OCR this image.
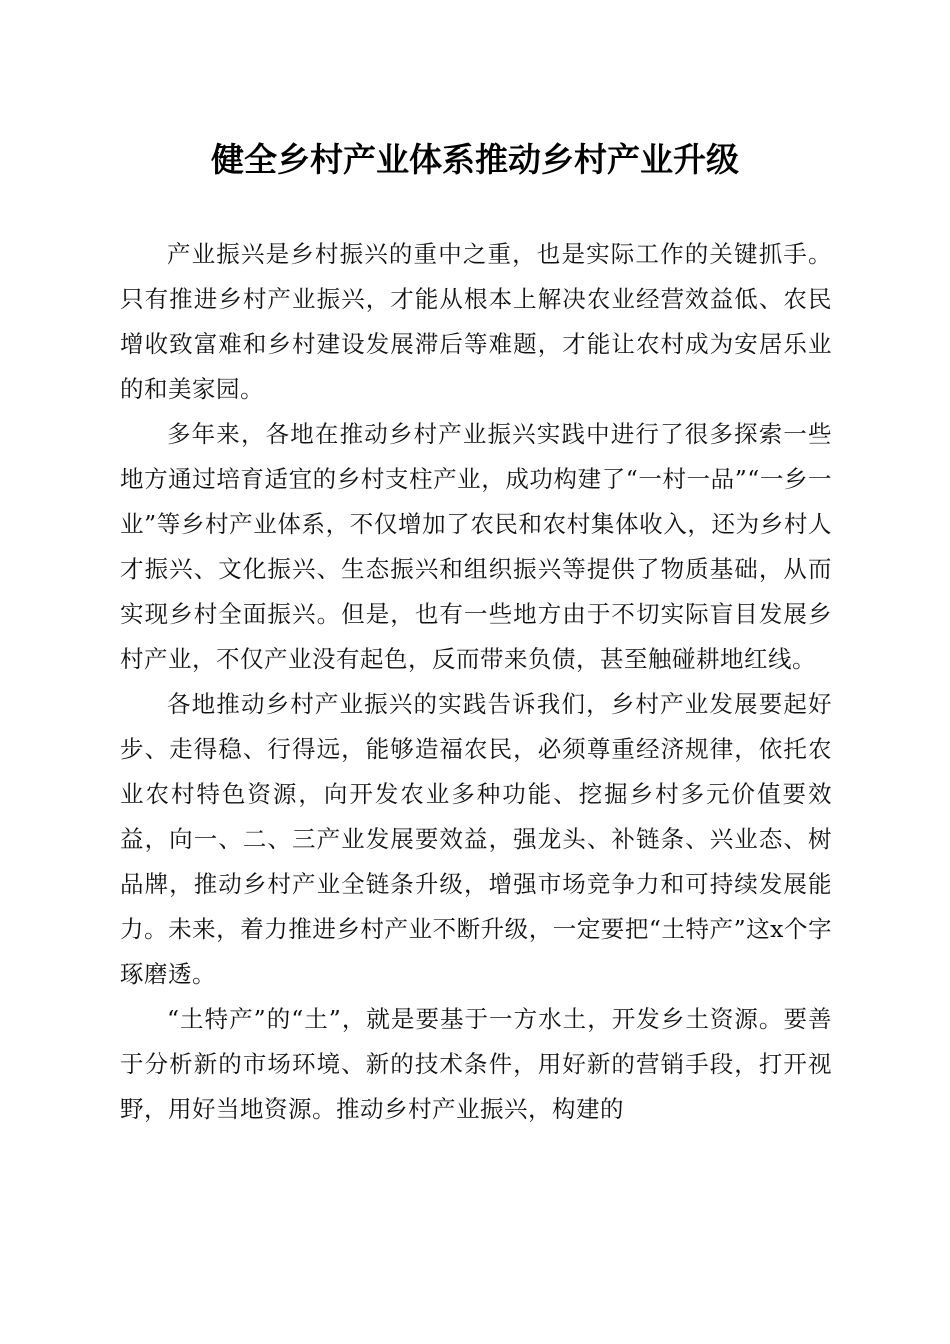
健全乡村产业体系推动乡村产业升级

产业振兴是乡村振兴的重中之重，也是实际工作的关键抓手。只有推进乡村产业振兴，才能从根本上解决农业经营效益低、农民增收致富难和乡村建设发展滞后等难题，才能让农村成为安居乐业的和美家园。

多年来，各地在推动乡村产业振兴实践中进行了很多探索一些地方通过培育适宜的乡村支柱产业，成功构建了“一村一品”“一乡一业”等乡村产业体系，不仅增加了农民和农村集体收入，还为乡村人才振兴、文化振兴、生态振兴和组织振兴等提供了物质基础，从而实现乡村全面振兴。但是，也有一些地方由于不切实际盲目发展乡村产业，不仅产业没有起色，反而带来负债，甚至触碰耕地红线。

各地推动乡村产业振兴的实践告诉我们，乡村产业发展要起好步、走得稳、行得远，能够造福农民，必须尊重经济规律，依托农业农村特色资源，向开发农业多种功能、挖掘乡村多元价值要效益，向一、二、三产业发展要效益，强龙头、补链条、兴业态、树品牌，推动乡村产业全链条升级，增强市场竞争力和可持续发展能力。未来，着力推进乡村产业不断升级，一定要把“土特产”这x个字琢磨透。

“土特产”的“土”，就是要基于一方水土，开发乡土资源。要善于分析新的市场环境、新的技术条件，用好新的营销手段，打开视野，用好当地资源。推动乡村产业振兴，构建的
